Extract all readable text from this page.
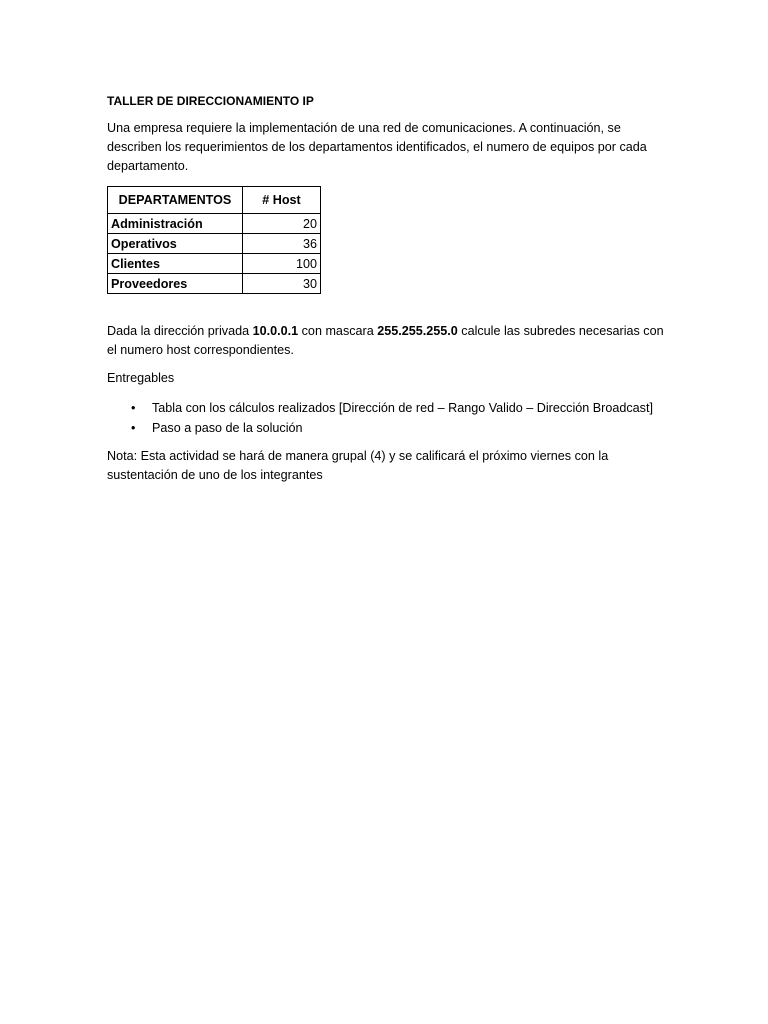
TALLER DE DIRECCIONAMIENTO IP

Una empresa requiere la implementación de una red de comunicaciones. A continuación, se describen los requerimientos de los departamentos identificados, el numero de equipos por cada departamento.

DEPARTAMENTOS	# Host
Administración	20
Operativos	36
Clientes	100
Proveedores	30

Dada la dirección privada 10.0.0.1 con mascara 255.255.255.0 calcule las subredes necesarias con el numero host correspondientes.

Entregables

• Tabla con los cálculos realizados [Dirección de red – Rango Valido – Dirección Broadcast]
• Paso a paso de la solución

Nota: Esta actividad se hará de manera grupal (4) y se calificará el próximo viernes con la sustentación de uno de los integrantes
